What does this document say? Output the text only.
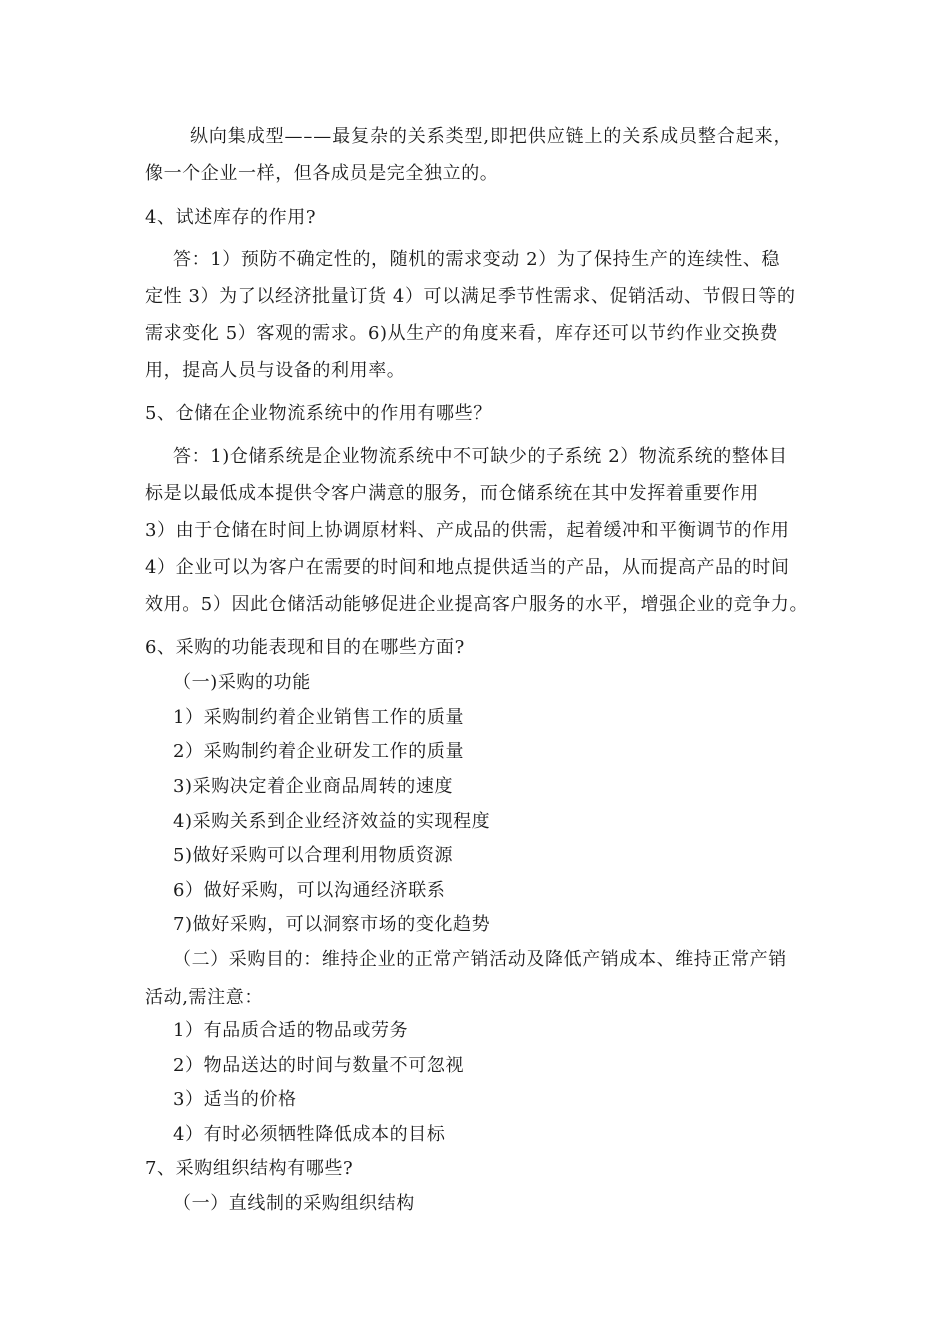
纵向集成型—–—最复杂的关系类型,即把供应链上的关系成员整合起来，
像一个企业一样，但各成员是完全独立的。
4、试述库存的作用?
答：1）预防不确定性的，随机的需求变动 2）为了保持生产的连续性、稳
定性 3）为了以经济批量订货 4）可以满足季节性需求、促销活动、节假日等的
需求变化 5）客观的需求。6)从生产的角度来看，库存还可以节约作业交换费
用，提高人员与设备的利用率。
5、仓储在企业物流系统中的作用有哪些？
答：1)仓储系统是企业物流系统中不可缺少的子系统 2）物流系统的整体目
标是以最低成本提供令客户满意的服务，而仓储系统在其中发挥着重要作用
3）由于仓储在时间上协调原材料、产成品的供需，起着缓冲和平衡调节的作用
4）企业可以为客户在需要的时间和地点提供适当的产品，从而提高产品的时间
效用。5）因此仓储活动能够促进企业提高客户服务的水平，增强企业的竞争力。
6、采购的功能表现和目的在哪些方面?
（一)采购的功能
1）采购制约着企业销售工作的质量
2）采购制约着企业研发工作的质量
3)采购决定着企业商品周转的速度
4)采购关系到企业经济效益的实现程度
5)做好采购可以合理利用物质资源
6）做好采购，可以沟通经济联系
7)做好采购，可以洞察市场的变化趋势
（二）采购目的：维持企业的正常产销活动及降低产销成本、维持正常产销
活动,需注意：
1）有品质合适的物品或劳务
2）物品送达的时间与数量不可忽视
3）适当的价格
4）有时必须牺牲降低成本的目标
7、采购组织结构有哪些?
（一）直线制的采购组织结构
